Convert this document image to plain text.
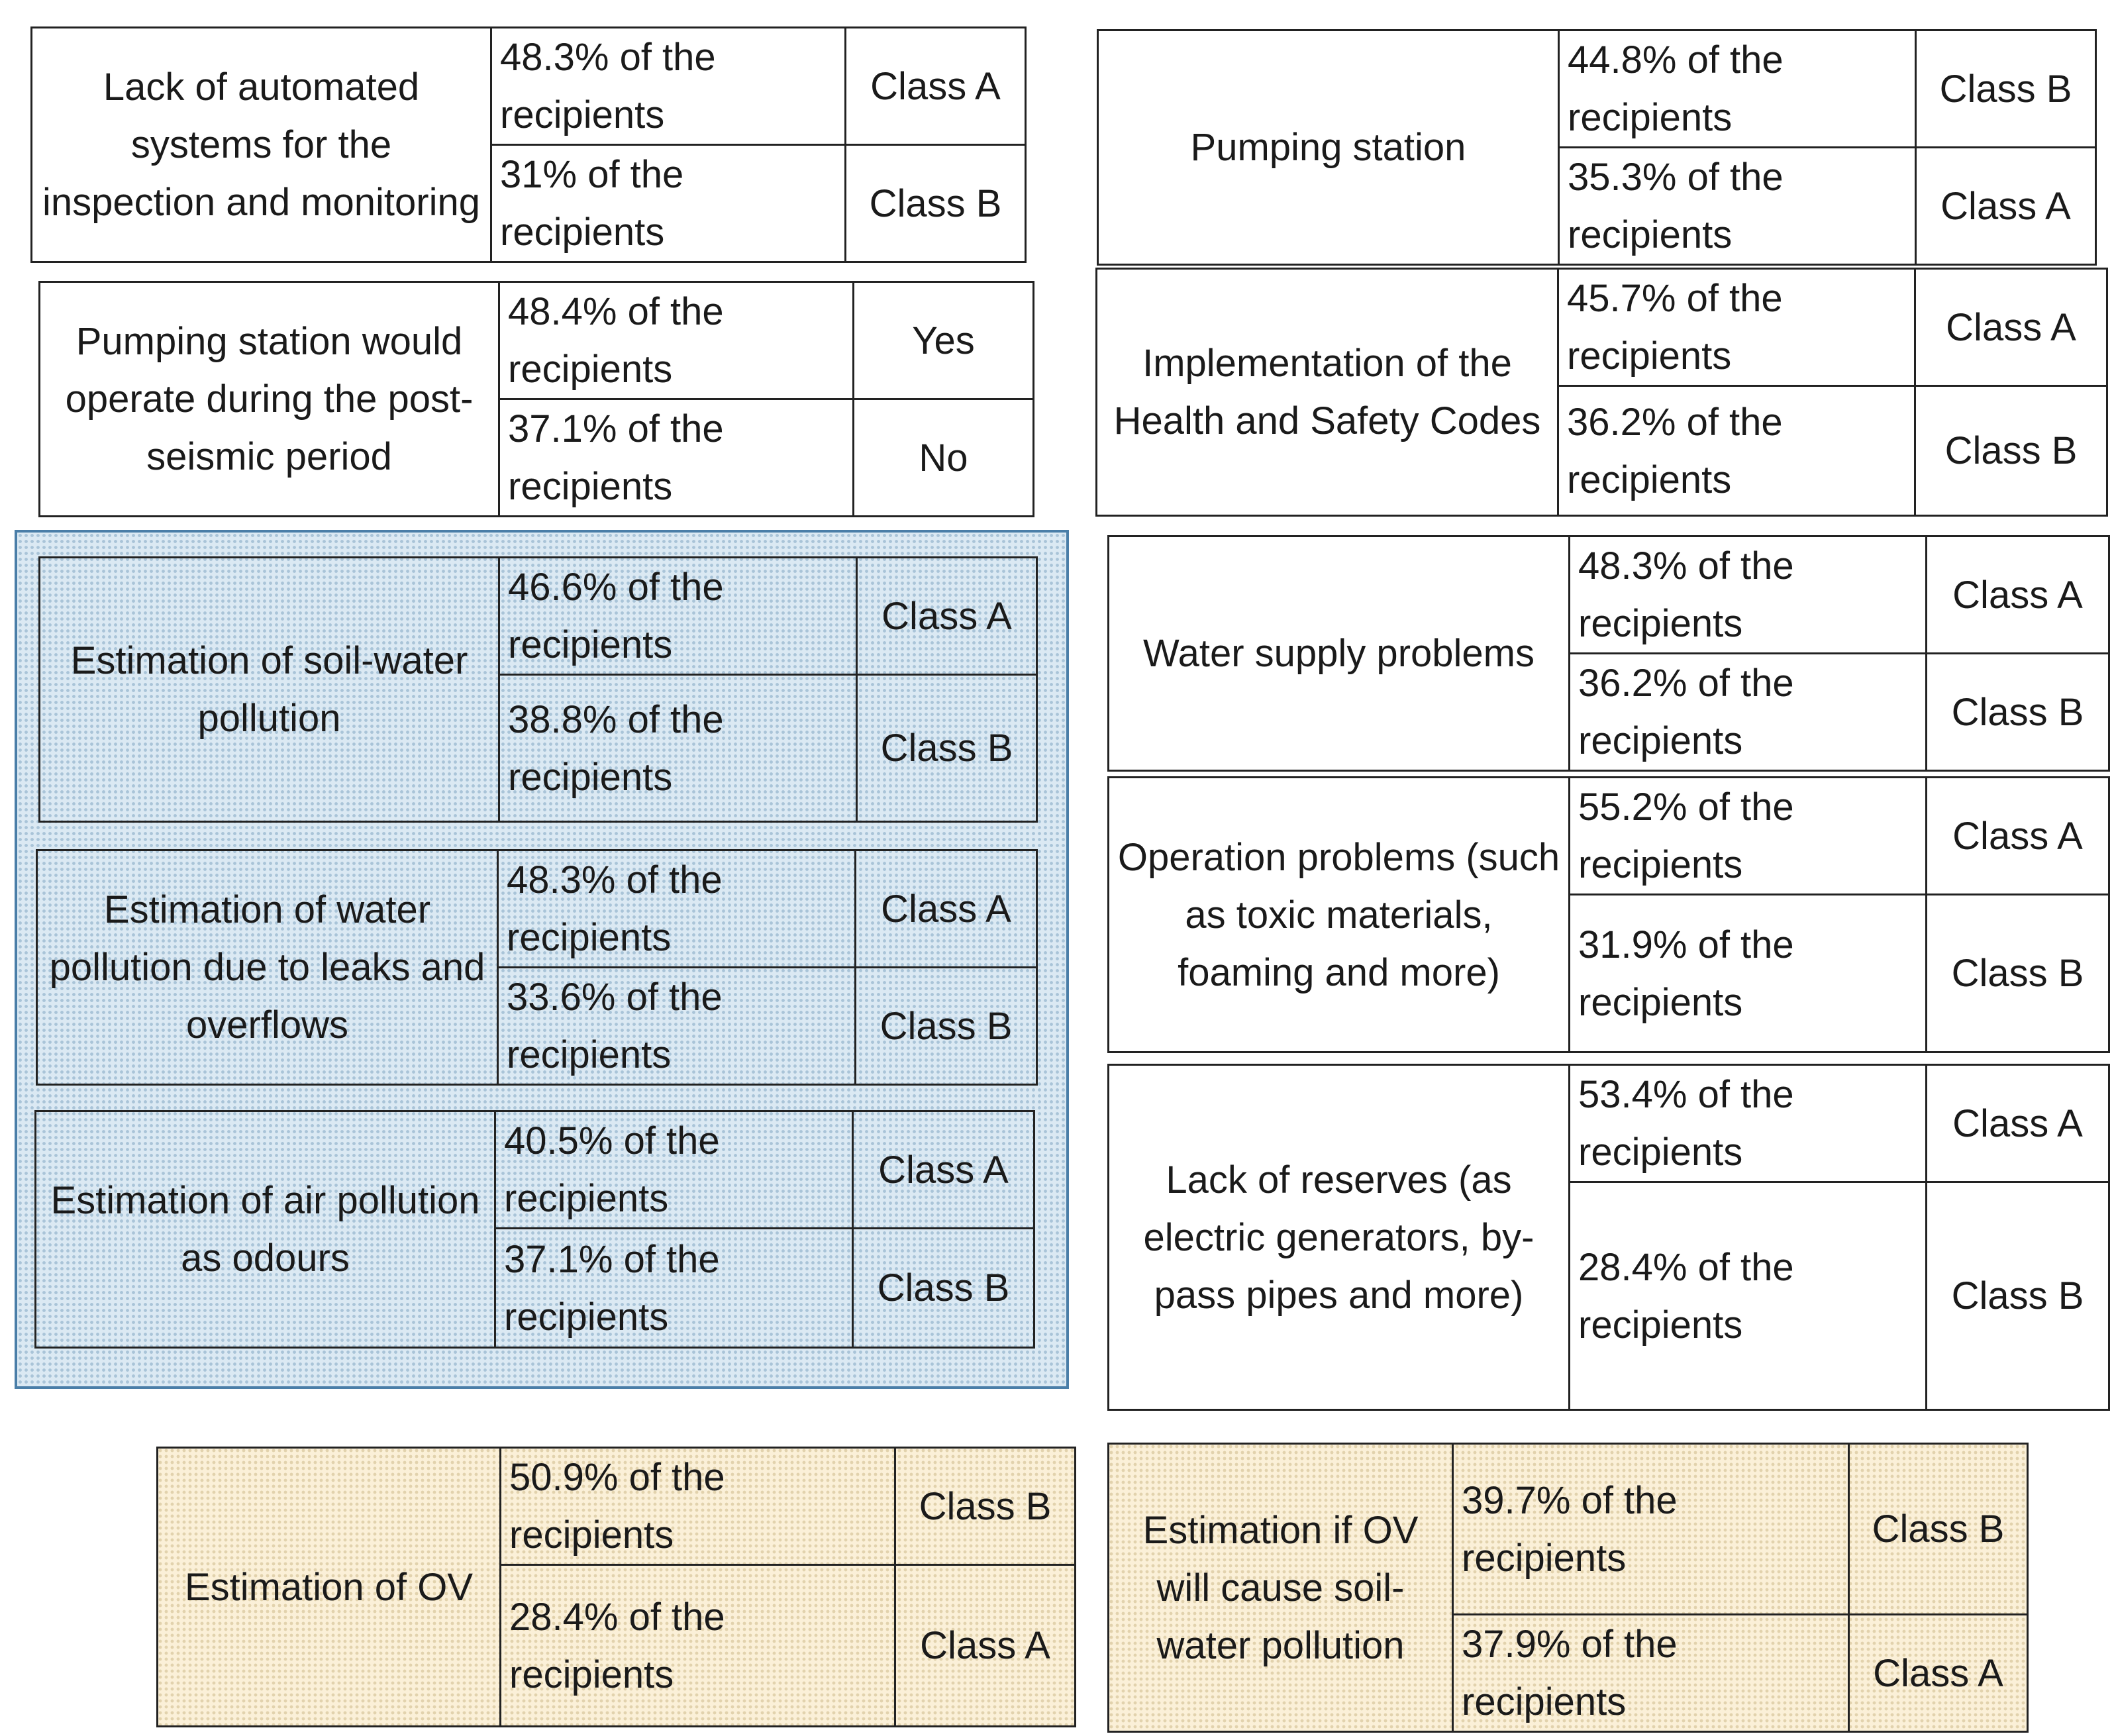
Lack of automated systems for the inspection and monitoring	48.3% of the recipients	Class A
	31% of the recipients	Class B
Pumping station	44.8% of the recipients	Class B
	35.3% of the recipients	Class A
Pumping station would operate during the post-seismic period	48.4% of the recipients	Yes
	37.1% of the recipients	No
Implementation of the Health and Safety Codes	45.7% of the recipients	Class A
	36.2% of the recipients	Class B
Estimation of soil-water pollution	46.6% of the recipients	Class A
	38.8% of the recipients	Class B
Water supply problems	48.3% of the recipients	Class A
	36.2% of the recipients	Class B
Estimation of water pollution due to leaks and overflows	48.3% of the recipients	Class A
	33.6% of the recipients	Class B
Operation problems (such as toxic materials, foaming and more)	55.2% of the recipients	Class A
	31.9% of the recipients	Class B
Estimation of air pollution as odours	40.5% of the recipients	Class A
	37.1% of the recipients	Class B
Lack of reserves (as electric generators, by-pass pipes and more)	53.4% of the recipients	Class A
	28.4% of the recipients	Class B
Estimation of OV	50.9% of the recipients	Class B
	28.4% of the recipients	Class A
Estimation if OV will cause soil-water pollution	39.7% of the recipients	Class B
	37.9% of the recipients	Class A
